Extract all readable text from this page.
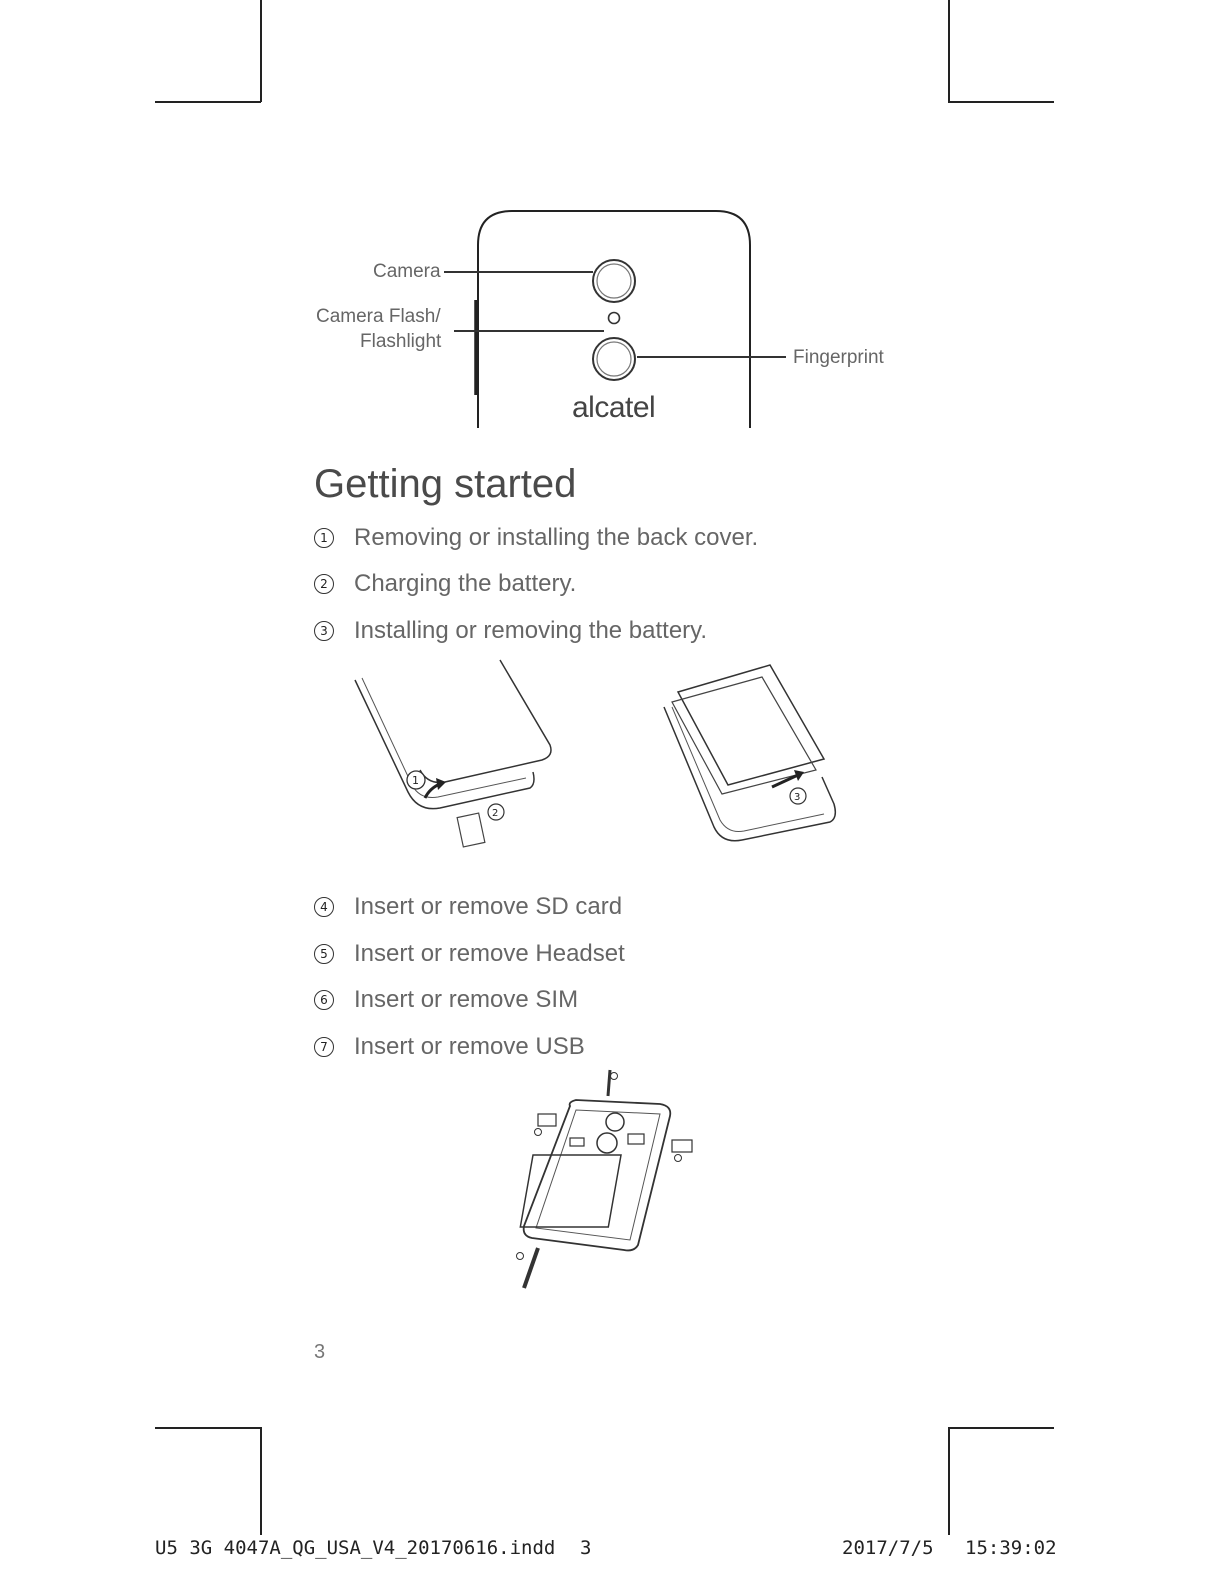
Camera
Camera Flash/
Flashlight
Fingerprint
alcatel
Getting started
1 Removing or installing the back cover.
2 Charging the battery.
3 Installing or removing the battery.
1
2
3
4 Insert or remove SD card
5 Insert or remove Headset
6 Insert or remove SIM
7 Insert or remove USB
3
U5 3G 4047A_QG_USA_V4_20170616.indd 3	2017/7/5 15:39:02
